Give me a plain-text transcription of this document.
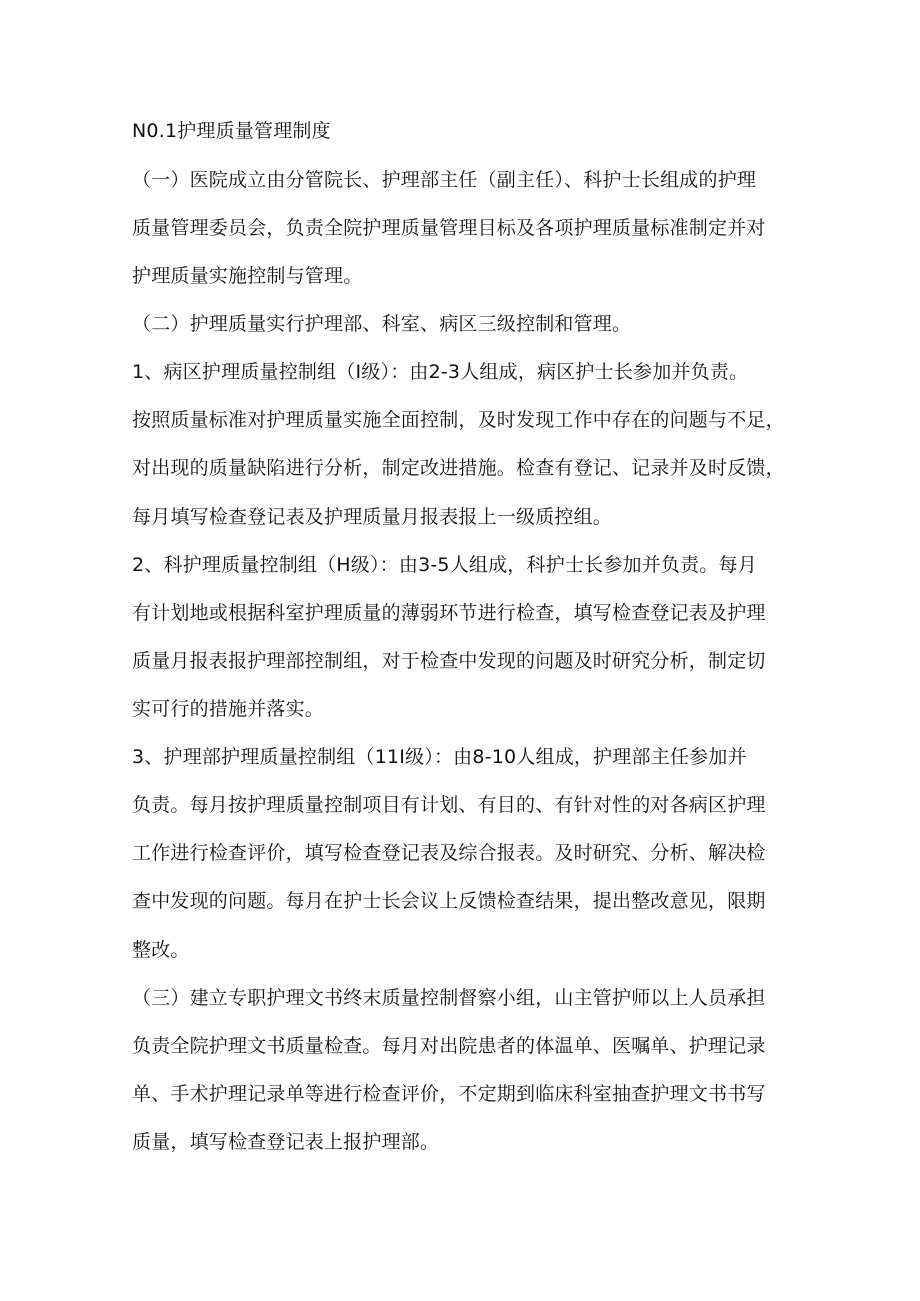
N0.1护理质量管理制度
（一）医院成立由分管院长、护理部主任（副主任）、科护士长组成的护理
质量管理委员会，负责全院护理质量管理目标及各项护理质量标准制定并对
护理质量实施控制与管理。
（二）护理质量实行护理部、科室、病区三级控制和管理。
1、病区护理质量控制组（I级）：由2-3人组成，病区护士长参加并负责。
按照质量标准对护理质量实施全面控制，及时发现工作中存在的问题与不足，
对出现的质量缺陷进行分析，制定改进措施。检查有登记、记录并及时反馈，
每月填写检查登记表及护理质量月报表报上一级质控组。
2、科护理质量控制组（H级）：由3-5人组成，科护士长参加并负责。每月
有计划地或根据科室护理质量的薄弱环节进行检查，填写检查登记表及护理
质量月报表报护理部控制组，对于检查中发现的问题及时研究分析，制定切
实可行的措施并落实。
3、护理部护理质量控制组（11I级）：由8-10人组成，护理部主任参加并
负责。每月按护理质量控制项目有计划、有目的、有针对性的对各病区护理
工作进行检查评价，填写检查登记表及综合报表。及时研究、分析、解决检
查中发现的问题。每月在护士长会议上反馈检查结果，提出整改意见，限期
整改。
（三）建立专职护理文书终末质量控制督察小组，山主管护师以上人员承担
负责全院护理文书质量检查。每月对出院患者的体温单、医嘱单、护理记录
单、手术护理记录单等进行检查评价，不定期到临床科室抽查护理文书书写
质量，填写检查登记表上报护理部。
